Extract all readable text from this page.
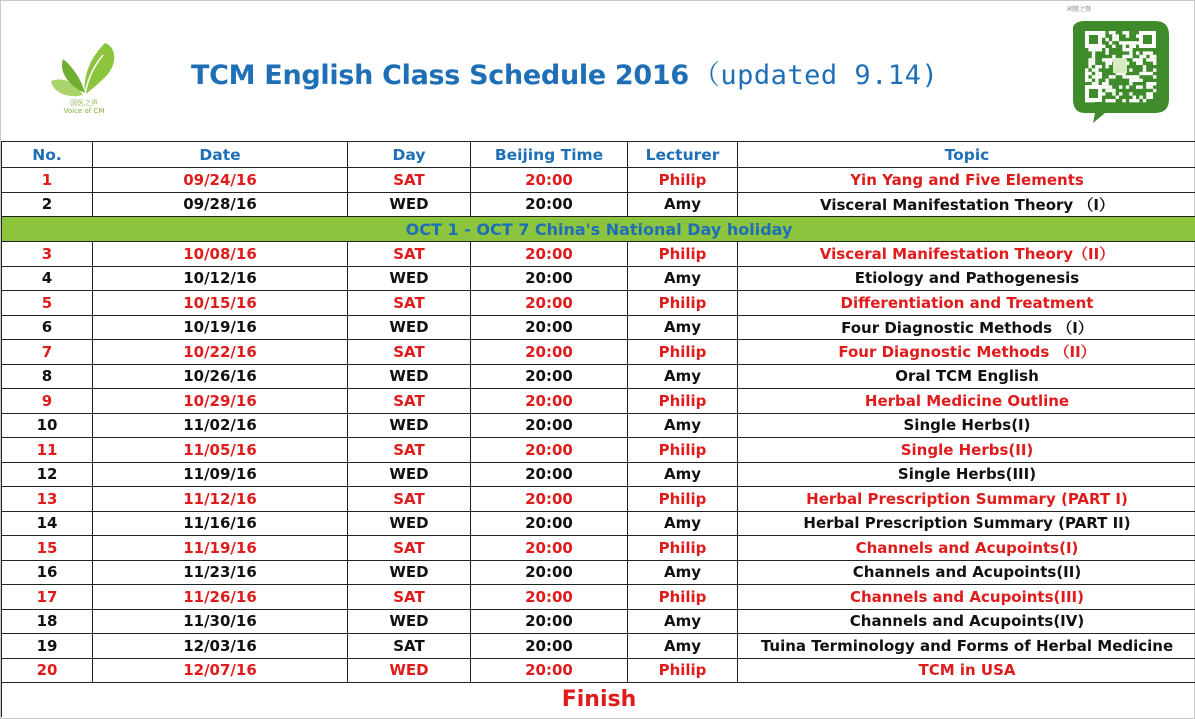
国医之声
Voice of CM
TCM English Class Schedule 2016 （updated 9.14)
國醫之聲
No.	Date	Day	Beijing Time	Lecturer	Topic
1	09/24/16	SAT	20:00	Philip	Yin Yang and Five Elements
2	09/28/16	WED	20:00	Amy	Visceral Manifestation Theory （I）
OCT 1 - OCT 7 China's National Day holiday					
3	10/08/16	SAT	20:00	Philip	Visceral Manifestation Theory（II）
4	10/12/16	WED	20:00	Amy	Etiology and Pathogenesis
5	10/15/16	SAT	20:00	Philip	Differentiation and Treatment
6	10/19/16	WED	20:00	Amy	Four Diagnostic Methods （I）
7	10/22/16	SAT	20:00	Philip	Four Diagnostic Methods （II）
8	10/26/16	WED	20:00	Amy	Oral TCM English
9	10/29/16	SAT	20:00	Philip	Herbal Medicine Outline
10	11/02/16	WED	20:00	Amy	Single Herbs(I)
11	11/05/16	SAT	20:00	Philip	Single Herbs(II)
12	11/09/16	WED	20:00	Amy	Single Herbs(III)
13	11/12/16	SAT	20:00	Philip	Herbal Prescription Summary (PART I)
14	11/16/16	WED	20:00	Amy	Herbal Prescription Summary (PART II)
15	11/19/16	SAT	20:00	Philip	Channels and Acupoints(I)
16	11/23/16	WED	20:00	Amy	Channels and Acupoints(II)
17	11/26/16	SAT	20:00	Philip	Channels and Acupoints(III)
18	11/30/16	WED	20:00	Amy	Channels and Acupoints(IV)
19	12/03/16	SAT	20:00	Amy	Tuina Terminology and Forms of Herbal Medicine
20	12/07/16	WED	20:00	Philip	TCM in USA
Finish					
